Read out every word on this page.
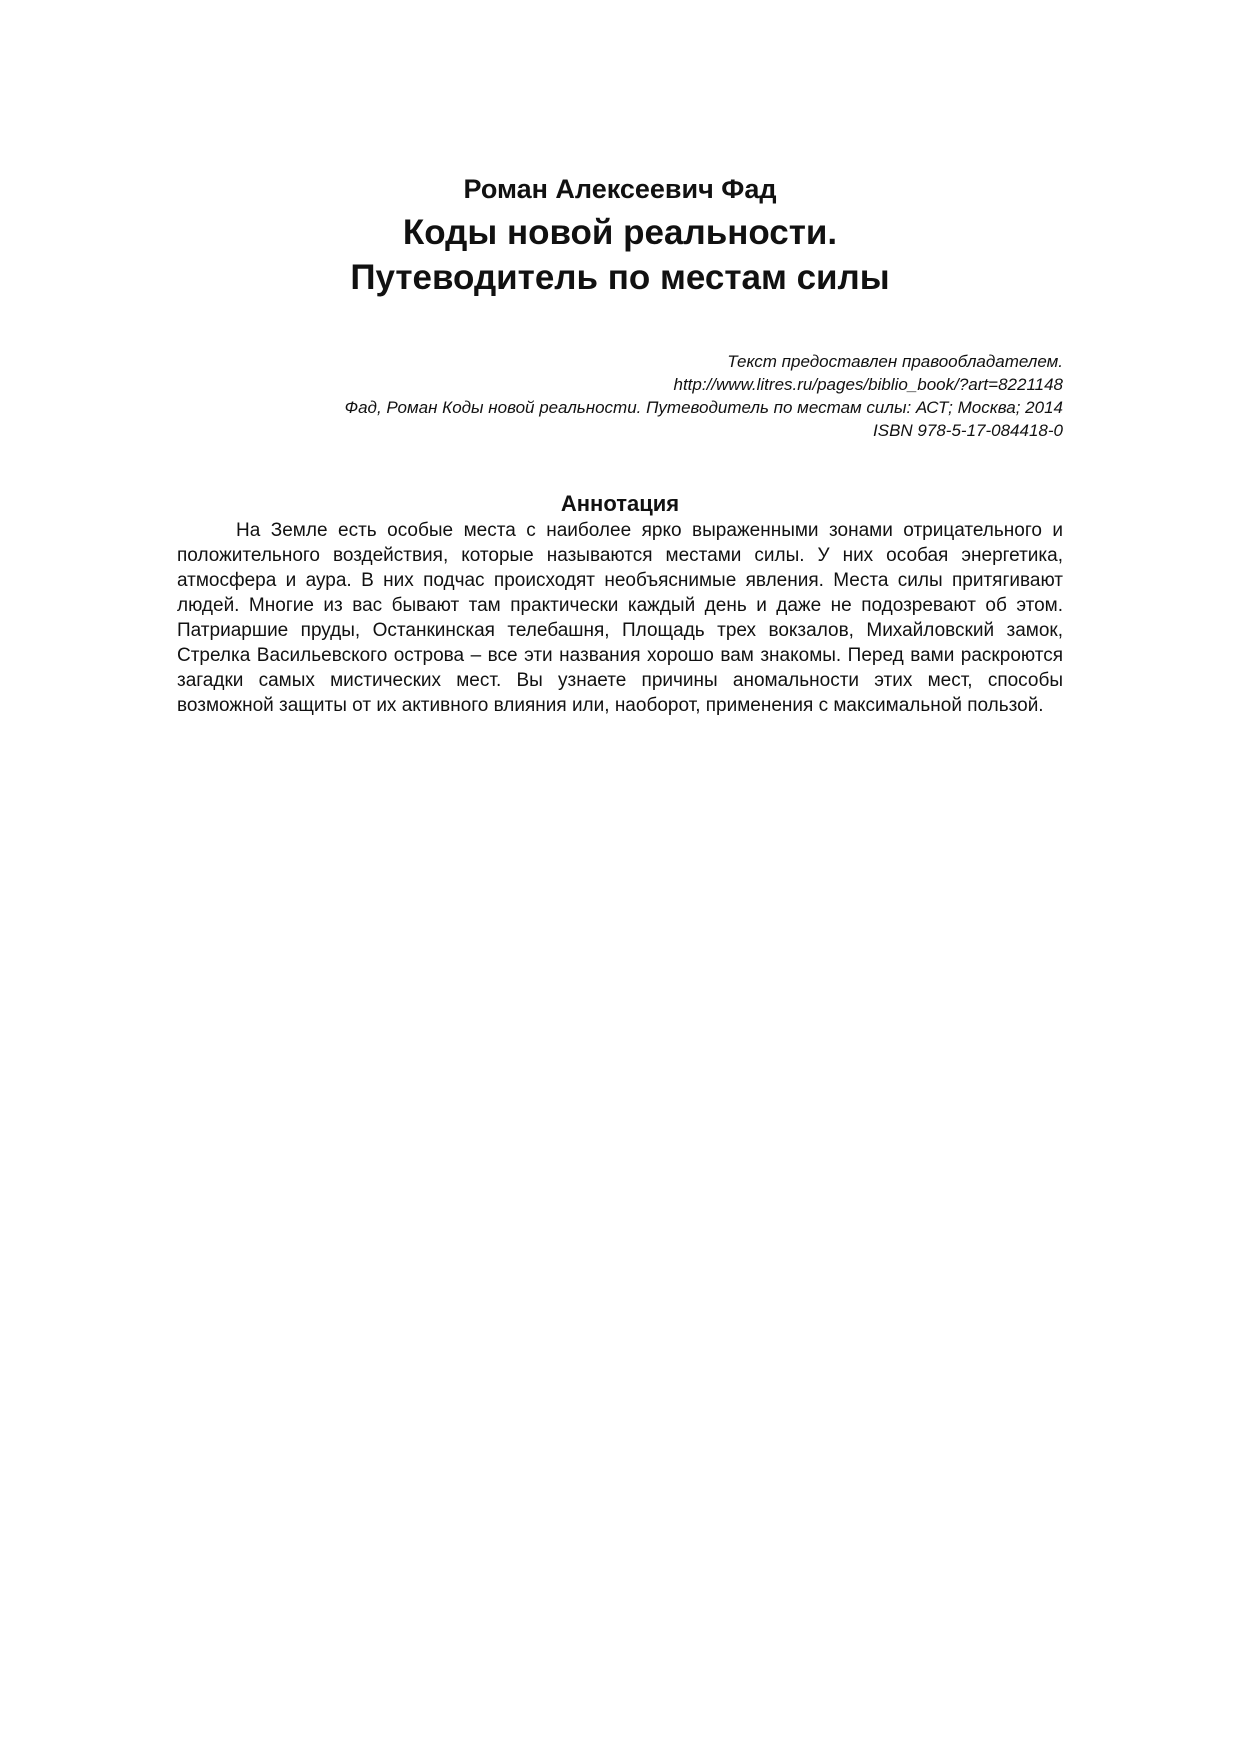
Роман Алексеевич Фад

Коды новой реальности.
Путеводитель по местам силы
Текст предоставлен правообладателем.
http://www.litres.ru/pages/biblio_book/?art=8221148
Фад, Роман Коды новой реальности. Путеводитель по местам силы: АСТ; Москва; 2014
ISBN 978-5-17-084418-0
Аннотация

На Земле есть особые места с наиболее ярко выраженными зонами отрицательного и положительного воздействия, которые называются местами силы. У них особая энергетика, атмосфера и аура. В них подчас происходят необъяснимые явления. Места силы притягивают людей. Многие из вас бывают там практически каждый день и даже не подозревают об этом. Патриаршие пруды, Останкинская телебашня, Площадь трех вокзалов, Михайловский замок, Стрелка Васильевского острова – все эти названия хорошо вам знакомы. Перед вами раскроются загадки самых мистических мест. Вы узнаете причины аномальности этих мест, способы возможной защиты от их активного влияния или, наоборот, применения с максимальной пользой.
